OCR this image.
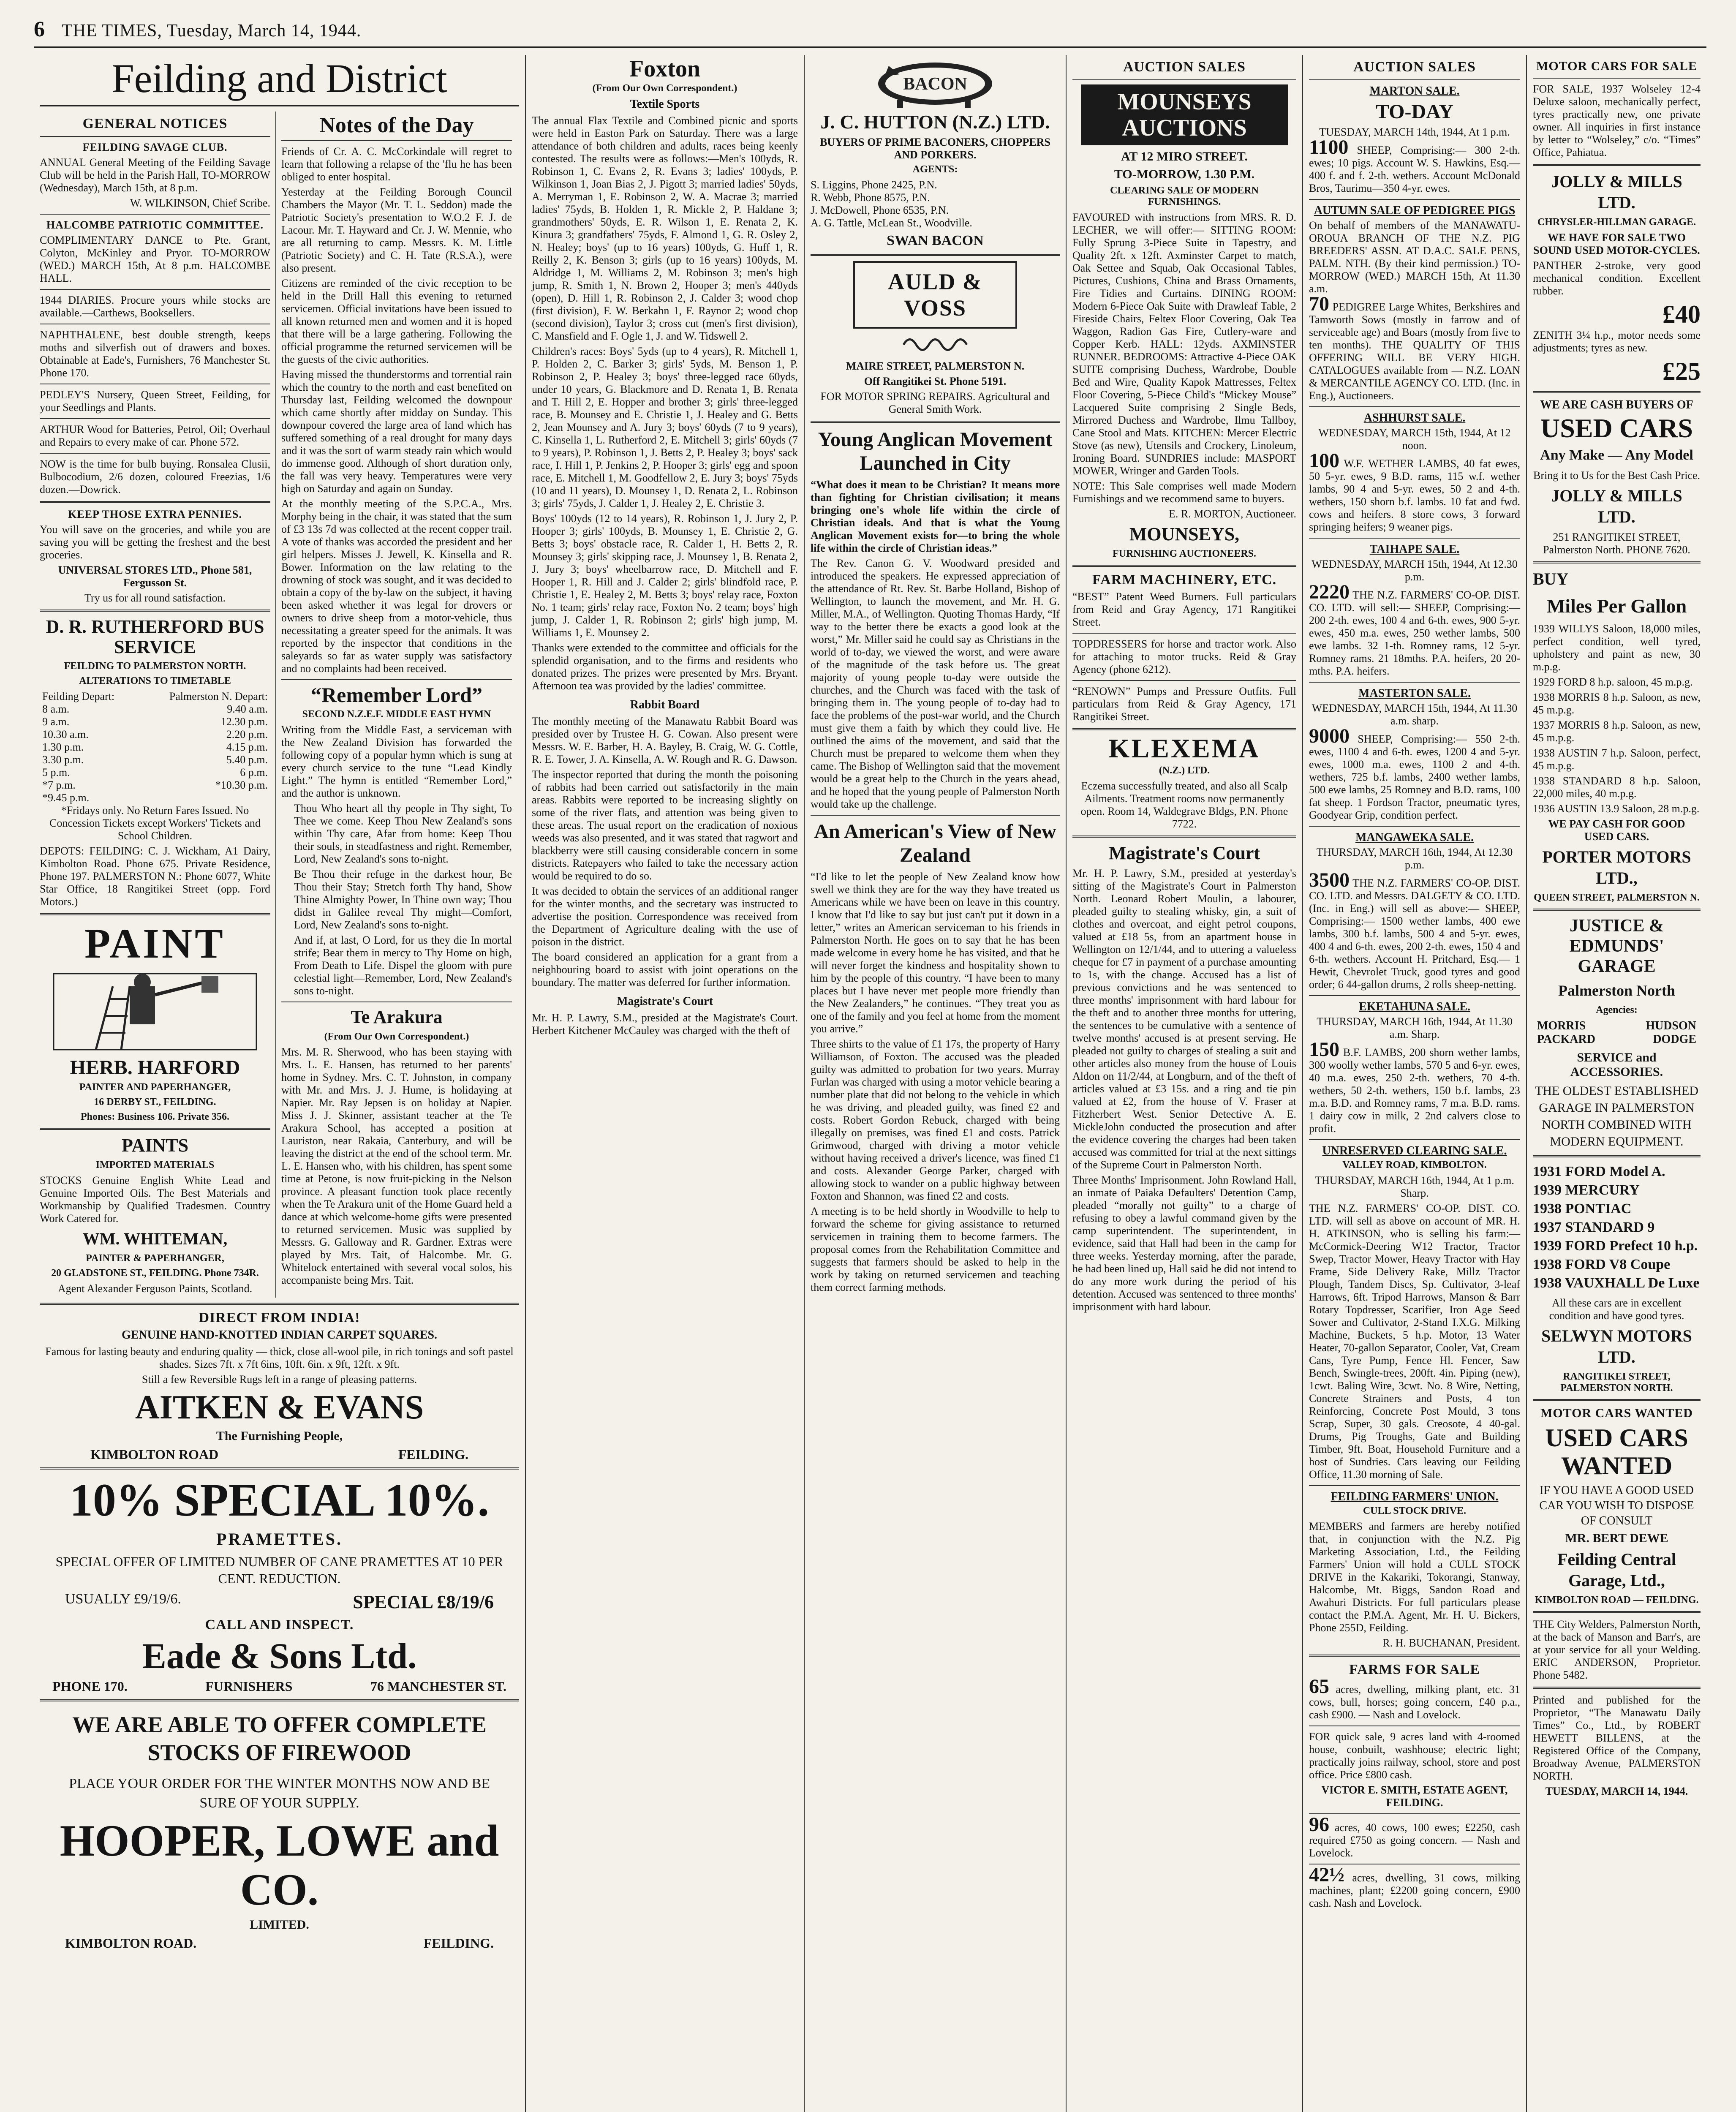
6 THE TIMES, Tuesday, March 14, 1944.
Feilding and District
GENERAL NOTICES
FEILDING SAVAGE CLUB.

ANNUAL General Meeting of the Feilding Savage Club will be held in the Parish Hall, TO-MORROW (Wednesday), March 15th, at 8 p.m.

W. WILKINSON, Chief Scribe.

HALCOMBE PATRIOTIC COMMITTEE.

COMPLIMENTARY DANCE to Pte. Grant, Colyton, McKinley and Pryor. TO-MORROW (WED.) MARCH 15th, At 8 p.m. HALCOMBE HALL.

1944 DIARIES. Procure yours while stocks are available.—Carthews, Booksellers.

NAPHTHALENE, best double strength, keeps moths and silverfish out of drawers and boxes. Obtainable at Eade's, Furnishers, 76 Manchester St. Phone 170.

PEDLEY'S Nursery, Queen Street, Feilding, for your Seedlings and Plants.

ARTHUR Wood for Batteries, Petrol, Oil; Overhaul and Repairs to every make of car. Phone 572.

NOW is the time for bulb buying. Ronsalea Clusii, Bulbocodium, 2/6 dozen, coloured Freezias, 1/6 dozen.—Dowrick.

KEEP THOSE EXTRA PENNIES.

You will save on the groceries, and while you are saving you will be getting the freshest and the best groceries.

UNIVERSAL STORES LTD., Phone 581, Fergusson St.

Try us for all round satisfaction.

D. R. RUTHERFORD BUS SERVICE
FEILDING TO PALMERSTON NORTH.
ALTERATIONS TO TIMETABLE
Feilding Depart:	Palmerston N. Depart:
8 a.m.	9.40 a.m.
9 a.m.	12.30 p.m.
10.30 a.m.	2.20 p.m.
1.30 p.m.	4.15 p.m.
3.30 p.m.	5.40 p.m.
5 p.m.	6 p.m.
*7 p.m.	*10.30 p.m.
*9.45 p.m.	

*Fridays only. No Return Fares Issued. No Concession Tickets except Workers' Tickets and School Children.

DEPOTS: FEILDING: C. J. Wickham, A1 Dairy, Kimbolton Road. Phone 675. Private Residence, Phone 197. PALMERSTON N.: Phone 6077, White Star Office, 18 Rangitikei Street (opp. Ford Motors.)

PAINT
HERB. HARFORD
PAINTER AND PAPERHANGER,
16 DERBY ST., FEILDING.
Phones: Business 106. Private 356.
PAINTS
IMPORTED MATERIALS

STOCKS Genuine English White Lead and Genuine Imported Oils. The Best Materials and Workmanship by Qualified Tradesmen. Country Work Catered for.

WM. WHITEMAN,
PAINTER & PAPERHANGER,
20 GLADSTONE ST., FEILDING. Phone 734R.

Agent Alexander Ferguson Paints, Scotland.

Notes of the Day

Friends of Cr. A. C. McCorkindale will regret to learn that following a relapse of the 'flu he has been obliged to enter hospital.

Yesterday at the Feilding Borough Council Chambers the Mayor (Mr. T. L. Seddon) made the Patriotic Society's presentation to W.O.2 F. J. de Lacour. Mr. T. Hayward and Cr. J. W. Mennie, who are all returning to camp. Messrs. K. M. Little (Patriotic Society) and C. H. Tate (R.S.A.), were also present.

Citizens are reminded of the civic reception to be held in the Drill Hall this evening to returned servicemen. Official invitations have been issued to all known returned men and women and it is hoped that there will be a large gathering. Following the official programme the returned servicemen will be the guests of the civic authorities.

Having missed the thunderstorms and torrential rain which the country to the north and east benefited on Thursday last, Feilding welcomed the downpour which came shortly after midday on Sunday. This downpour covered the large area of land which has suffered something of a real drought for many days and it was the sort of warm steady rain which would do immense good. Although of short duration only, the fall was very heavy. Temperatures were very high on Saturday and again on Sunday.

At the monthly meeting of the S.P.C.A., Mrs. Morphy being in the chair, it was stated that the sum of £3 13s 7d was collected at the recent copper trail. A vote of thanks was accorded the president and her girl helpers. Misses J. Jewell, K. Kinsella and R. Bower. Information on the law relating to the drowning of stock was sought, and it was decided to obtain a copy of the by-law on the subject, it having been asked whether it was legal for drovers or owners to drive sheep from a motor-vehicle, thus necessitating a greater speed for the animals. It was reported by the inspector that conditions in the saleyards so far as water supply was satisfactory and no complaints had been received.

“Remember Lord”
SECOND N.Z.E.F. MIDDLE EAST HYMN

Writing from the Middle East, a serviceman with the New Zealand Division has forwarded the following copy of a popular hymn which is sung at every church service to the tune “Lead Kindly Light.” The hymn is entitled “Remember Lord,” and the author is unknown.

Thou Who heart all thy people in Thy sight, To Thee we come. Keep Thou New Zealand's sons within Thy care, Afar from home: Keep Thou their souls, in steadfastness and right. Remember, Lord, New Zealand's sons to-night.

Be Thou their refuge in the darkest hour, Be Thou their Stay; Stretch forth Thy hand, Show Thine Almighty Power, In Thine own way; Thou didst in Galilee reveal Thy might—Comfort, Lord, New Zealand's sons to-night.

And if, at last, O Lord, for us they die In mortal strife; Bear them in mercy to Thy Home on high, From Death to Life. Dispel the gloom with pure celestial light—Remember, Lord, New Zealand's sons to-night.

Te Arakura
(From Our Own Correspondent.)

Mrs. M. R. Sherwood, who has been staying with Mrs. L. E. Hansen, has returned to her parents' home in Sydney. Mrs. C. T. Johnston, in company with Mr. and Mrs. J. J. Hume, is holidaying at Napier. Mr. Ray Jepsen is on holiday at Napier. Miss J. J. Skinner, assistant teacher at the Te Arakura School, has accepted a position at Lauriston, near Rakaia, Canterbury, and will be leaving the district at the end of the school term. Mr. L. E. Hansen who, with his children, has spent some time at Petone, is now fruit-picking in the Nelson province. A pleasant function took place recently when the Te Arakura unit of the Home Guard held a dance at which welcome-home gifts were presented to returned servicemen. Music was supplied by Messrs. G. Galloway and R. Gardner. Extras were played by Mrs. Tait, of Halcombe. Mr. G. Whitelock entertained with several vocal solos, his accompaniste being Mrs. Tait.

DIRECT FROM INDIA!
GENUINE HAND-KNOTTED INDIAN CARPET SQUARES.

Famous for lasting beauty and enduring quality — thick, close all-wool pile, in rich tonings and soft pastel shades. Sizes 7ft. x 7ft 6ins, 10ft. 6in. x 9ft, 12ft. x 9ft.

Still a few Reversible Rugs left in a range of pleasing patterns.

AITKEN & EVANS
The Furnishing People,
KIMBOLTON ROAD	FEILDING.
10% SPECIAL 10%.
PRAMETTES.

SPECIAL OFFER OF LIMITED NUMBER OF CANE PRAMETTES AT 10 PER CENT. REDUCTION.

USUALLY £9/19/6.	SPECIAL £8/19/6
CALL AND INSPECT.
Eade & Sons Ltd.
PHONE 170.	FURNISHERS	76 MANCHESTER ST.
WE ARE ABLE TO OFFER COMPLETE STOCKS OF FIREWOOD

PLACE YOUR ORDER FOR THE WINTER MONTHS NOW AND BE SURE OF YOUR SUPPLY.

HOOPER, LOWE and CO.
LIMITED.
KIMBOLTON ROAD.	FEILDING.
Foxton
(From Our Own Correspondent.)
Textile Sports

The annual Flax Textile and Combined picnic and sports were held in Easton Park on Saturday. There was a large attendance of both children and adults, races being keenly contested. The results were as follows:—Men's 100yds, R. Robinson 1, C. Evans 2, R. Evans 3; ladies' 100yds, P. Wilkinson 1, Joan Bias 2, J. Pigott 3; married ladies' 50yds, A. Merryman 1, E. Robinson 2, W. A. Macrae 3; married ladies' 75yds, B. Holden 1, R. Mickle 2, P. Haldane 3; grandmothers' 50yds, E. R. Wilson 1, E. Renata 2, K. Kinura 3; grandfathers' 75yds, F. Almond 1, G. R. Osley 2, N. Healey; boys' (up to 16 years) 100yds, G. Huff 1, R. Reilly 2, K. Benson 3; girls (up to 16 years) 100yds, M. Aldridge 1, M. Williams 2, M. Robinson 3; men's high jump, R. Smith 1, N. Brown 2, Hooper 3; men's 440yds (open), D. Hill 1, R. Robinson 2, J. Calder 3; wood chop (first division), F. W. Berkahn 1, F. Raynor 2; wood chop (second division), Taylor 3; cross cut (men's first division), C. Mansfield and F. Ogle 1, J. and W. Tidswell 2.

Children's races: Boys' 5yds (up to 4 years), R. Mitchell 1, P. Holden 2, C. Barker 3; girls' 5yds, M. Benson 1, P. Robinson 2, P. Healey 3; boys' three-legged race 60yds, under 10 years, G. Blackmore and D. Renata 1, B. Renata and T. Hill 2, E. Hopper and brother 3; girls' three-legged race, B. Mounsey and E. Christie 1, J. Healey and G. Betts 2, Jean Mounsey and A. Jury 3; boys' 60yds (7 to 9 years), C. Kinsella 1, L. Rutherford 2, E. Mitchell 3; girls' 60yds (7 to 9 years), P. Robinson 1, J. Betts 2, P. Healey 3; boys' sack race, I. Hill 1, P. Jenkins 2, P. Hooper 3; girls' egg and spoon race, E. Mitchell 1, M. Goodfellow 2, E. Jury 3; boys' 75yds (10 and 11 years), D. Mounsey 1, D. Renata 2, L. Robinson 3; girls' 75yds, J. Calder 1, J. Healey 2, E. Christie 3.

Boys' 100yds (12 to 14 years), R. Robinson 1, J. Jury 2, P. Hooper 3; girls' 100yds, B. Mounsey 1, E. Christie 2, G. Betts 3; boys' obstacle race, R. Calder 1, H. Betts 2, R. Mounsey 3; girls' skipping race, J. Mounsey 1, B. Renata 2, J. Jury 3; boys' wheelbarrow race, D. Mitchell and F. Hooper 1, R. Hill and J. Calder 2; girls' blindfold race, P. Christie 1, E. Healey 2, M. Betts 3; boys' relay race, Foxton No. 1 team; girls' relay race, Foxton No. 2 team; boys' high jump, J. Calder 1, R. Robinson 2; girls' high jump, M. Williams 1, E. Mounsey 2.

Thanks were extended to the committee and officials for the splendid organisation, and to the firms and residents who donated prizes. The prizes were presented by Mrs. Bryant. Afternoon tea was provided by the ladies' committee.

Rabbit Board

The monthly meeting of the Manawatu Rabbit Board was presided over by Trustee H. G. Cowan. Also present were Messrs. W. E. Barber, H. A. Bayley, B. Craig, W. G. Cottle, R. E. Tower, J. A. Kinsella, A. W. Rough and R. G. Dawson.

The inspector reported that during the month the poisoning of rabbits had been carried out satisfactorily in the main areas. Rabbits were reported to be increasing slightly on some of the river flats, and attention was being given to these areas. The usual report on the eradication of noxious weeds was also presented, and it was stated that ragwort and blackberry were still causing considerable concern in some districts. Ratepayers who failed to take the necessary action would be required to do so.

It was decided to obtain the services of an additional ranger for the winter months, and the secretary was instructed to advertise the position. Correspondence was received from the Department of Agriculture dealing with the use of poison in the district.

The board considered an application for a grant from a neighbouring board to assist with joint operations on the boundary. The matter was deferred for further information.

Magistrate's Court

Mr. H. P. Lawry, S.M., presided at the Magistrate's Court. Herbert Kitchener McCauley was charged with the theft of

BACON
J. C. HUTTON (N.Z.) LTD.

BUYERS OF PRIME BACONERS, CHOPPERS AND PORKERS.

AGENTS:

S. Liggins, Phone 2425, P.N.

R. Webb, Phone 8575, P.N.

J. McDowell, Phone 6535, P.N.

A. G. Tattle, McLean St., Woodville.

SWAN BACON
AULD & VOSS

MAIRE STREET, PALMERSTON N.

Off Rangitikei St. Phone 5191.

FOR MOTOR SPRING REPAIRS. Agricultural and General Smith Work.

Young Anglican Movement Launched in City

“What does it mean to be Christian? It means more than fighting for Christian civilisation; it means bringing one's whole life within the circle of Christian ideals. And that is what the Young Anglican Movement exists for—to bring the whole life within the circle of Christian ideas.”

The Rev. Canon G. V. Woodward presided and introduced the speakers. He expressed appreciation of the attendance of Rt. Rev. St. Barbe Holland, Bishop of Wellington, to launch the movement, and Mr. H. G. Miller, M.A., of Wellington. Quoting Thomas Hardy, “If way to the better there be exacts a good look at the worst,” Mr. Miller said he could say as Christians in the world of to-day, we viewed the worst, and were aware of the magnitude of the task before us. The great majority of young people to-day were outside the churches, and the Church was faced with the task of bringing them in. The young people of to-day had to face the problems of the post-war world, and the Church must give them a faith by which they could live. He outlined the aims of the movement, and said that the Church must be prepared to welcome them when they came. The Bishop of Wellington said that the movement would be a great help to the Church in the years ahead, and he hoped that the young people of Palmerston North would take up the challenge.

An American's View of New Zealand

“I'd like to let the people of New Zealand know how swell we think they are for the way they have treated us Americans while we have been on leave in this country. I know that I'd like to say but just can't put it down in a letter,” writes an American serviceman to his friends in Palmerston North. He goes on to say that he has been made welcome in every home he has visited, and that he will never forget the kindness and hospitality shown to him by the people of this country. “I have been to many places but I have never met people more friendly than the New Zealanders,” he continues. “They treat you as one of the family and you feel at home from the moment you arrive.”

Three shirts to the value of £1 17s, the property of Harry Williamson, of Foxton. The accused was the pleaded guilty was admitted to probation for two years. Murray Furlan was charged with using a motor vehicle bearing a number plate that did not belong to the vehicle in which he was driving, and pleaded guilty, was fined £2 and costs. Robert Gordon Rebuck, charged with being illegally on premises, was fined £1 and costs. Patrick Grimwood, charged with driving a motor vehicle without having received a driver's licence, was fined £1 and costs. Alexander George Parker, charged with allowing stock to wander on a public highway between Foxton and Shannon, was fined £2 and costs.

A meeting is to be held shortly in Woodville to help to forward the scheme for giving assistance to returned servicemen in training them to become farmers. The proposal comes from the Rehabilitation Committee and suggests that farmers should be asked to help in the work by taking on returned servicemen and teaching them correct farming methods.

AUCTION SALES
MOUNSEYS AUCTIONS
AT 12 MIRO STREET.
TO-MORROW, 1.30 P.M.
CLEARING SALE OF MODERN FURNISHINGS.

FAVOURED with instructions from MRS. R. D. LECHER, we will offer:— SITTING ROOM: Fully Sprung 3-Piece Suite in Tapestry, and Quality 2ft. x 12ft. Axminster Carpet to match, Oak Settee and Squab, Oak Occasional Tables, Pictures, Cushions, China and Brass Ornaments, Fire Tidies and Curtains. DINING ROOM: Modern 6-Piece Oak Suite with Drawleaf Table, 2 Fireside Chairs, Feltex Floor Covering, Oak Tea Waggon, Radion Gas Fire, Cutlery-ware and Copper Kerb. HALL: 12yds. AXMINSTER RUNNER. BEDROOMS: Attractive 4-Piece OAK SUITE comprising Duchess, Wardrobe, Double Bed and Wire, Quality Kapok Mattresses, Feltex Floor Covering, 5-Piece Child's “Mickey Mouse” Lacquered Suite comprising 2 Single Beds, Mirrored Duchess and Wardrobe, Ilmu Tallboy, Cane Stool and Mats. KITCHEN: Mercer Electric Stove (as new), Utensils and Crockery, Linoleum, Ironing Board. SUNDRIES include: MASPORT MOWER, Wringer and Garden Tools.

NOTE: This Sale comprises well made Modern Furnishings and we recommend same to buyers.

E. R. MORTON, Auctioneer.

MOUNSEYS,
FURNISHING AUCTIONEERS.
FARM MACHINERY, ETC.

“BEST” Patent Weed Burners. Full particulars from Reid and Gray Agency, 171 Rangitikei Street.

TOPDRESSERS for horse and tractor work. Also for attaching to motor trucks. Reid & Gray Agency (phone 6212).

“RENOWN” Pumps and Pressure Outfits. Full particulars from Reid & Gray Agency, 171 Rangitikei Street.

KLEXEMA
(N.Z.) LTD.

Eczema successfully treated, and also all Scalp Ailments. Treatment rooms now permanently open. Room 14, Waldegrave Bldgs, P.N. Phone 7722.

Magistrate's Court

Mr. H. P. Lawry, S.M., presided at yesterday's sitting of the Magistrate's Court in Palmerston North. Leonard Robert Moulin, a labourer, pleaded guilty to stealing whisky, gin, a suit of clothes and overcoat, and eight petrol coupons, valued at £18 5s, from an apartment house in Wellington on 12/1/44, and to uttering a valueless cheque for £7 in payment of a purchase amounting to 1s, with the change. Accused has a list of previous convictions and he was sentenced to three months' imprisonment with hard labour for the theft and to another three months for uttering, the sentences to be cumulative with a sentence of twelve months' accused is at present serving. He pleaded not guilty to charges of stealing a suit and other articles also money from the house of Louis Aldon on 11/2/44, at Longburn, and of the theft of articles valued at £3 15s. and a ring and tie pin valued at £2, from the house of V. Fraser at Fitzherbert West. Senior Detective A. E. MickleJohn conducted the prosecution and after the evidence covering the charges had been taken accused was committed for trial at the next sittings of the Supreme Court in Palmerston North.

Three Months' Imprisonment. John Rowland Hall, an inmate of Paiaka Defaulters' Detention Camp, pleaded “morally not guilty” to a charge of refusing to obey a lawful command given by the camp superintendent. The superintendent, in evidence, said that Hall had been in the camp for three weeks. Yesterday morning, after the parade, he had been lined up, Hall said he did not intend to do any more work during the period of his detention. Accused was sentenced to three months' imprisonment with hard labour.

AUCTION SALES
MARTON SALE.
TO-DAY

TUESDAY, MARCH 14th, 1944, At 1 p.m.

1100 SHEEP, Comprising:— 300 2-th. ewes; 10 pigs. Account W. S. Hawkins, Esq.—400 f. and f. 2-th. wethers. Account McDonald Bros, Taurimu—350 4-yr. ewes.

AUTUMN SALE OF PEDIGREE PIGS

On behalf of members of the MANAWATU-OROUA BRANCH OF THE N.Z. PIG BREEDERS' ASSN. AT D.A.C. SALE PENS, PALM. NTH. (By their kind permission.) TO-MORROW (WED.) MARCH 15th, At 11.30 a.m.

70 PEDIGREE Large Whites, Berkshires and Tamworth Sows (mostly in farrow and of serviceable age) and Boars (mostly from five to ten months). THE QUALITY OF THIS OFFERING WILL BE VERY HIGH. CATALOGUES available from — N.Z. LOAN & MERCANTILE AGENCY CO. LTD. (Inc. in Eng.), Auctioneers.

ASHHURST SALE.

WEDNESDAY, MARCH 15th, 1944, At 12 noon.

100 W.F. WETHER LAMBS, 40 fat ewes, 50 5-yr. ewes, 9 B.D. rams, 115 w.f. wether lambs, 90 4 and 5-yr. ewes, 50 2 and 4-th. wethers, 150 shorn b.f. lambs. 10 fat and fwd. cows and heifers. 8 store cows, 3 forward springing heifers; 9 weaner pigs.

TAIHAPE SALE.

WEDNESDAY, MARCH 15th, 1944, At 12.30 p.m.

2220 THE N.Z. FARMERS' CO-OP. DIST. CO. LTD. will sell:— SHEEP, Comprising:— 200 2-th. ewes, 100 4 and 6-th. ewes, 900 5-yr. ewes, 450 m.a. ewes, 250 wether lambs, 500 ewe lambs. 32 1-th. Romney rams, 12 5-yr. Romney rams. 21 18mths. P.A. heifers, 20 20-mths. P.A. heifers.

MASTERTON SALE.

WEDNESDAY, MARCH 15th, 1944, At 11.30 a.m. sharp.

9000 SHEEP, Comprising:— 550 2-th. ewes, 1100 4 and 6-th. ewes, 1200 4 and 5-yr. ewes, 1000 m.a. ewes, 1100 2 and 4-th. wethers, 725 b.f. lambs, 2400 wether lambs, 500 ewe lambs, 25 Romney and B.D. rams, 100 fat sheep. 1 Fordson Tractor, pneumatic tyres, Goodyear Grip, condition perfect.

MANGAWEKA SALE.

THURSDAY, MARCH 16th, 1944, At 12.30 p.m.

3500 THE N.Z. FARMERS' CO-OP. DIST. CO. LTD. and Messrs. DALGETY & CO. LTD. (Inc. in Eng.) will sell as above:— SHEEP, Comprising:— 1500 wether lambs, 400 ewe lambs, 300 b.f. lambs, 500 4 and 5-yr. ewes, 400 4 and 6-th. ewes, 200 2-th. ewes, 150 4 and 6-th. wethers. Account H. Pritchard, Esq.— 1 Hewit, Chevrolet Truck, good tyres and good order; 6 44-gallon drums, 2 rolls sheep-netting.

EKETAHUNA SALE.

THURSDAY, MARCH 16th, 1944, At 11.30 a.m. Sharp.

150 B.F. LAMBS, 200 shorn wether lambs, 300 woolly wether lambs, 570 5 and 6-yr. ewes, 40 m.a. ewes, 250 2-th. wethers, 70 4-th. wethers, 50 2-th. wethers, 150 b.f. lambs, 23 m.a. B.D. and Romney rams, 7 m.a. B.D. rams. 1 dairy cow in milk, 2 2nd calvers close to profit.

UNRESERVED CLEARING SALE.
VALLEY ROAD, KIMBOLTON.

THURSDAY, MARCH 16th, 1944, At 1 p.m. Sharp.

THE N.Z. FARMERS' CO-OP. DIST. CO. LTD. will sell as above on account of MR. H. H. ATKINSON, who is selling his farm:— McCormick-Deering W12 Tractor, Tractor Swep, Tractor Mower, Heavy Tractor with Hay Frame, Side Delivery Rake, Millz Tractor Plough, Tandem Discs, Sp. Cultivator, 3-leaf Harrows, 6ft. Tripod Harrows, Manson & Barr Rotary Topdresser, Scarifier, Iron Age Seed Sower and Cultivator, 2-Stand I.X.G. Milking Machine, Buckets, 5 h.p. Motor, 13 Water Heater, 70-gallon Separator, Cooler, Vat, Cream Cans, Tyre Pump, Fence Hl. Fencer, Saw Bench, Swingle-trees, 200ft. 4in. Piping (new), 1cwt. Baling Wire, 3cwt. No. 8 Wire, Netting, Concrete Strainers and Posts, 4 ton Reinforcing, Concrete Post Mould, 3 tons Scrap, Super, 30 gals. Creosote, 4 40-gal. Drums, Pig Troughs, Gate and Building Timber, 9ft. Boat, Household Furniture and a host of Sundries. Cars leaving our Feilding Office, 11.30 morning of Sale.

FEILDING FARMERS' UNION.
CULL STOCK DRIVE.

MEMBERS and farmers are hereby notified that, in conjunction with the N.Z. Pig Marketing Association, Ltd., the Feilding Farmers' Union will hold a CULL STOCK DRIVE in the Kakariki, Tokorangi, Stanway, Halcombe, Mt. Biggs, Sandon Road and Awahuri Districts. For full particulars please contact the P.M.A. Agent, Mr. H. U. Bickers, Phone 255D, Feilding.

R. H. BUCHANAN, President.

FARMS FOR SALE

65 acres, dwelling, milking plant, etc. 31 cows, bull, horses; going concern, £40 p.a., cash £900. — Nash and Lovelock.

FOR quick sale, 9 acres land with 4-roomed house, conbuilt, washhouse; electric light; practically joins railway, school, store and post office. Price £800 cash.

VICTOR E. SMITH, ESTATE AGENT, FEILDING.

96 acres, 40 cows, 100 ewes; £2250, cash required £750 as going concern. — Nash and Lovelock.

42½ acres, dwelling, 31 cows, milking machines, plant; £2200 going concern, £900 cash. Nash and Lovelock.

MOTOR CARS FOR SALE

FOR SALE, 1937 Wolseley 12-4 Deluxe saloon, mechanically perfect, tyres practically new, one private owner. All inquiries in first instance by letter to “Wolseley,” c/o. “Times” Office, Pahiatua.

JOLLY & MILLS LTD.
CHRYSLER-HILLMAN GARAGE.

WE HAVE FOR SALE TWO SOUND USED MOTOR-CYCLES.

PANTHER 2-stroke, very good mechanical condition. Excellent rubber.

£40

ZENITH 3¼ h.p., motor needs some adjustments; tyres as new.

£25
WE ARE CASH BUYERS OF
USED CARS
Any Make — Any Model

Bring it to Us for the Best Cash Price.

JOLLY & MILLS LTD.

251 RANGITIKEI STREET, Palmerston North. PHONE 7620.

BUY
Miles Per Gallon

1939 WILLYS Saloon, 18,000 miles, perfect condition, well tyred, upholstery and paint as new, 30 m.p.g.

1929 FORD 8 h.p. saloon, 45 m.p.g.

1938 MORRIS 8 h.p. Saloon, as new, 45 m.p.g.

1937 MORRIS 8 h.p. Saloon, as new, 45 m.p.g.

1938 AUSTIN 7 h.p. Saloon, perfect, 45 m.p.g.

1938 STANDARD 8 h.p. Saloon, 22,000 miles, 40 m.p.g.

1936 AUSTIN 13.9 Saloon, 28 m.p.g.

WE PAY CASH FOR GOOD USED CARS.

PORTER MOTORS LTD.,
QUEEN STREET, PALMERSTON N.
JUSTICE & EDMUNDS' GARAGE
Palmerston North
Agencies:
MORRIS	HUDSON
PACKARD	DODGE
SERVICE and ACCESSORIES.

THE OLDEST ESTABLISHED GARAGE IN PALMERSTON NORTH COMBINED WITH MODERN EQUIPMENT.

1931 FORD Model A.
1939 MERCURY
1938 PONTIAC
1937 STANDARD 9
1939 FORD Prefect 10 h.p.
1938 FORD V8 Coupe
1938 VAUXHALL De Luxe

All these cars are in excellent condition and have good tyres.

SELWYN MOTORS LTD.
RANGITIKEI STREET, PALMERSTON NORTH.
MOTOR CARS WANTED
USED CARS WANTED

IF YOU HAVE A GOOD USED CAR YOU WISH TO DISPOSE OF CONSULT

MR. BERT DEWE
Feilding Central Garage, Ltd.,
KIMBOLTON ROAD — FEILDING.

THE City Welders, Palmerston North, at the back of Manson and Barr's, are at your service for all your Welding. ERIC ANDERSON, Proprietor. Phone 5482.

Printed and published for the Proprietor, “The Manawatu Daily Times” Co., Ltd., by ROBERT HEWETT BILLENS, at the Registered Office of the Company, Broadway Avenue, PALMERSTON NORTH.

TUESDAY, MARCH 14, 1944.
